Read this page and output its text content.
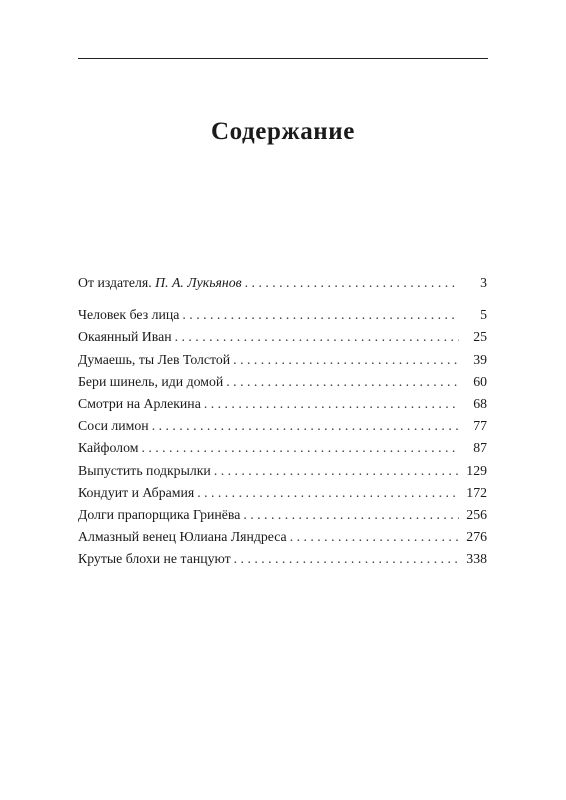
Содержание
От издателя. П. А. Лукьянов . . .	3
Человек без лица . . .	5
Окаянный Иван . . .	25
Думаешь, ты Лев Толстой . . .	39
Бери шинель, иди домой . . .	60
Смотри на Арлекина . . .	68
Соси лимон . . .	77
Кайфолом . . .	87
Выпустить подкрылки . . .	129
Кондуит и Абрамия . . .	172
Долги прапорщика Гринёва . . .	256
Алмазный венец Юлиана Ляндреса . . .	276
Крутые блохи не танцуют . . .	338
